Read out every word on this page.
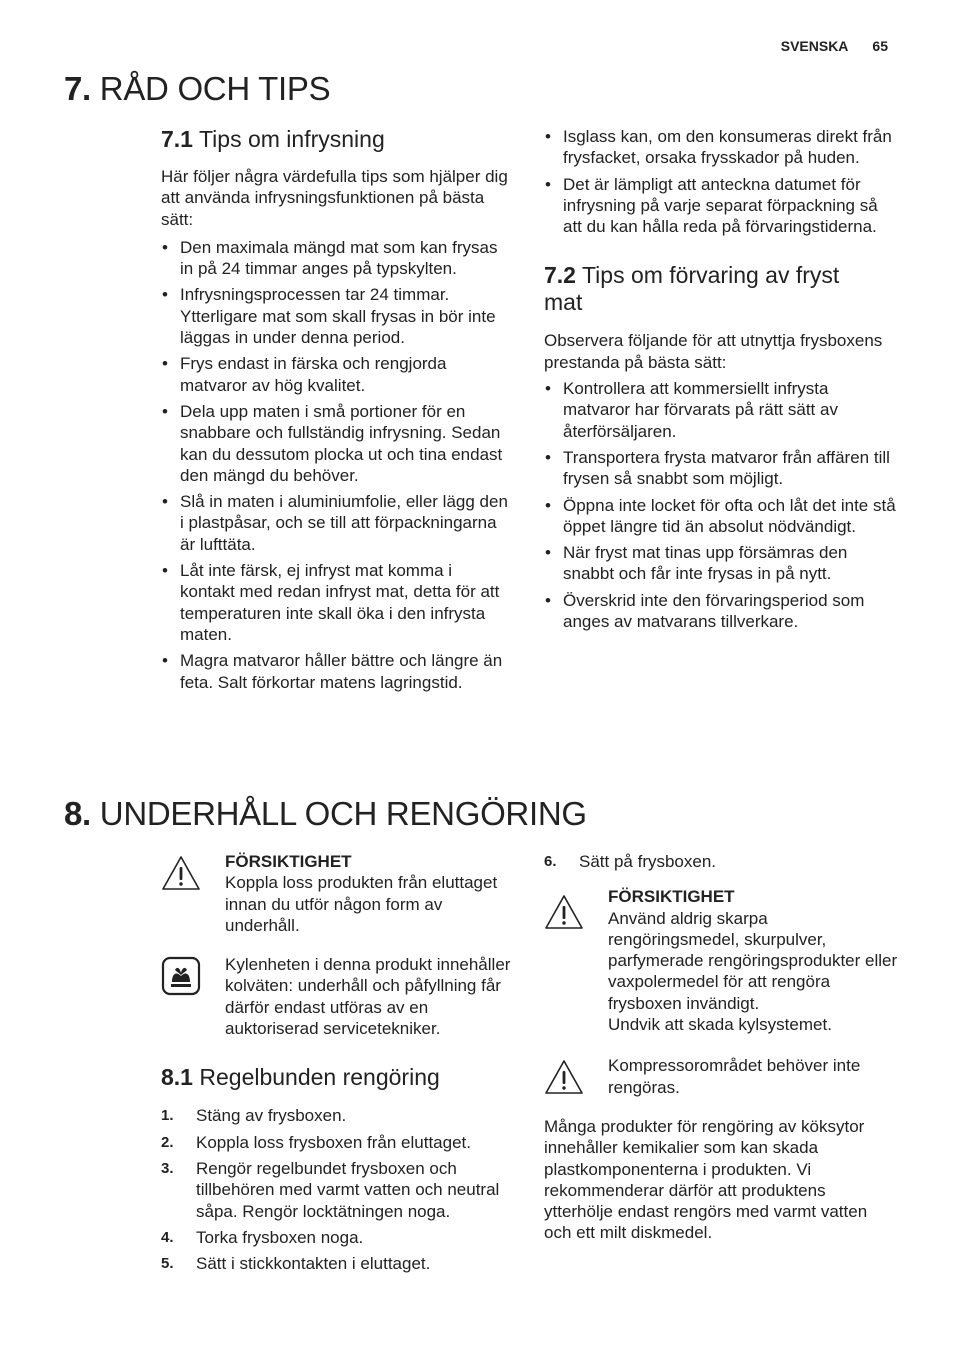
SVENSKA 65
7. RÅD OCH TIPS
7.1 Tips om infrysning

Här följer några värdefulla tips som hjälper dig att använda infrysningsfunktionen på bästa sätt:

• Den maximala mängd mat som kan frysas in på 24 timmar anges på typskylten.
• Infrysningsprocessen tar 24 timmar. Ytterligare mat som skall frysas in bör inte läggas in under denna period.
• Frys endast in färska och rengjorda matvaror av hög kvalitet.
• Dela upp maten i små portioner för en snabbare och fullständig infrysning. Sedan kan du dessutom plocka ut och tina endast den mängd du behöver.
• Slå in maten i aluminiumfolie, eller lägg den i plastpåsar, och se till att förpackningarna är lufttäta.
• Låt inte färsk, ej infryst mat komma i kontakt med redan infryst mat, detta för att temperaturen inte skall öka i den infrysta maten.
• Magra matvaror håller bättre och längre än feta. Salt förkortar matens lagringstid.
• Isglass kan, om den konsumeras direkt från frysfacket, orsaka frysskador på huden.
• Det är lämpligt att anteckna datumet för infrysning på varje separat förpackning så att du kan hålla reda på förvaringstiderna.
7.2 Tips om förvaring av fryst mat

Observera följande för att utnyttja frysboxens prestanda på bästa sätt:

• Kontrollera att kommersiellt infrysta matvaror har förvarats på rätt sätt av återförsäljaren.
• Transportera frysta matvaror från affären till frysen så snabbt som möjligt.
• Öppna inte locket för ofta och låt det inte stå öppet längre tid än absolut nödvändigt.
• När fryst mat tinas upp försämras den snabbt och får inte frysas in på nytt.
• Överskrid inte den förvaringsperiod som anges av matvarans tillverkare.
8. UNDERHÅLL OCH RENGÖRING
FÖRSIKTIGHET
Koppla loss produkten från eluttaget innan du utför någon form av underhåll.
Kylenheten i denna produkt innehåller kolväten: underhåll och påfyllning får därför endast utföras av en auktoriserad servicetekniker.
8.1 Regelbunden rengöring
1. Stäng av frysboxen.
2. Koppla loss frysboxen från eluttaget.
3. Rengör regelbundet frysboxen och tillbehören med varmt vatten och neutral såpa. Rengör locktätningen noga.
4. Torka frysboxen noga.
5. Sätt i stickkontakten i eluttaget.
6. Sätt på frysboxen.
FÖRSIKTIGHET
Använd aldrig skarpa rengöringsmedel, skurpulver, parfymerade rengöringsprodukter eller vaxpolermedel för att rengöra frysboxen invändigt.
Undvik att skada kylsystemet.
Kompressorområdet behöver inte rengöras.

Många produkter för rengöring av köksytor innehåller kemikalier som kan skada plastkomponenterna i produkten. Vi rekommenderar därför att produktens ytterhölje endast rengörs med varmt vatten och ett milt diskmedel.
